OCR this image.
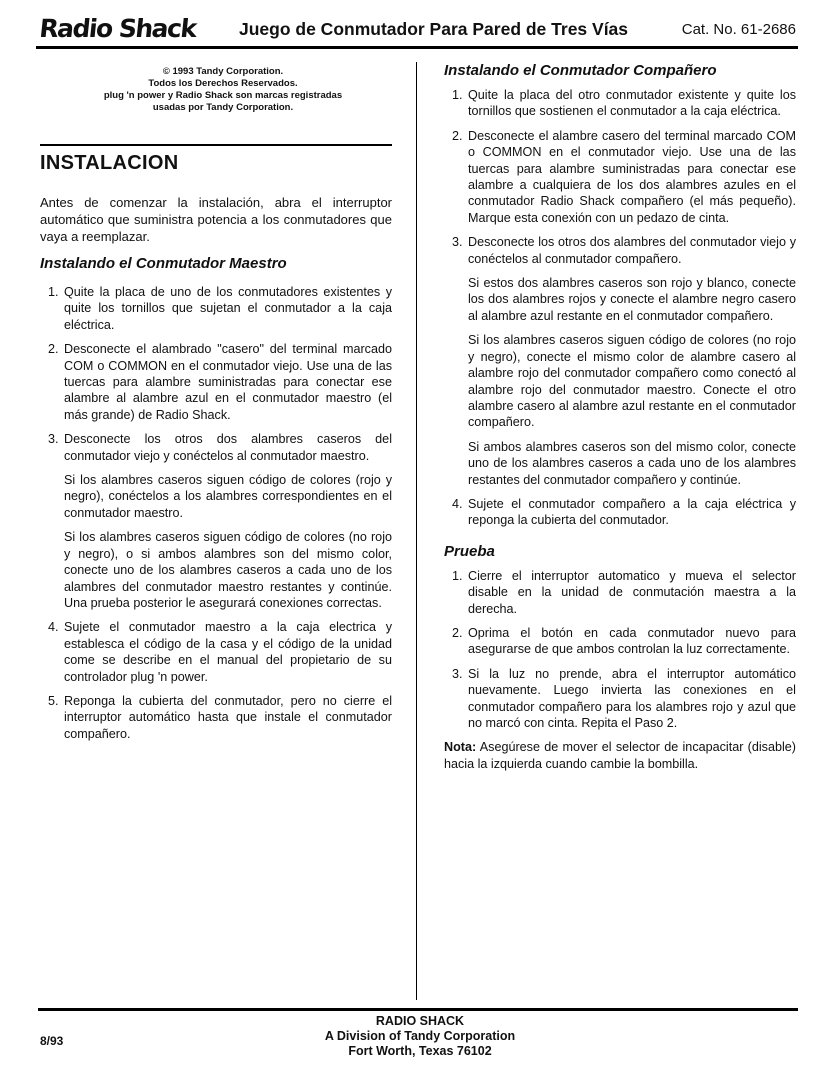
Radio Shack Juego de Conmutador Para Pared de Tres Vías	Cat. No. 61-2686
© 1993 Tandy Corporation.
Todos los Derechos Reservados.
plug 'n power y Radio Shack son marcas registradas
usadas por Tandy Corporation.
INSTALACION

Antes de comenzar la instalación, abra el interruptor automático que suministra potencia a los conmutadores que vaya a reemplazar.

Instalando el Conmutador Maestro
1. Quite la placa de uno de los conmutadores existentes y quite los tornillos que sujetan el conmutador a la caja eléctrica.

2. Desconecte el alambrado "casero" del terminal marcado COM o COMMON en el conmutador viejo. Use una de las tuercas para alambre suministradas para conectar ese alambre al alambre azul en el conmutador maestro (el más grande) de Radio Shack.

3. Desconecte los otros dos alambres caseros del conmutador viejo y conéctelos al conmutador maestro.

Si los alambres caseros siguen código de colores (rojo y negro), conéctelos a los alambres correspondientes en el conmutador maestro.

Si los alambres caseros siguen código de colores (no rojo y negro), o si ambos alambres son del mismo color, conecte uno de los alambres caseros a cada uno de los alambres del conmutador maestro restantes y continúe. Una prueba posterior le asegurará conexiones correctas.

4. Sujete el conmutador maestro a la caja electrica y establesca el código de la casa y el código de la unidad come se describe en el manual del propietario de su controlador plug 'n power.

5. Reponga la cubierta del conmutador, pero no cierre el interruptor automático hasta que instale el conmutador compañero.

Instalando el Conmutador Compañero
1. Quite la placa del otro conmutador existente y quite los tornillos que sostienen el conmutador a la caja eléctrica.

2. Desconecte el alambre casero del terminal marcado COM o COMMON en el conmutador viejo. Use una de las tuercas para alambre suministradas para conectar ese alambre a cualquiera de los dos alambres azules en el conmutador Radio Shack compañero (el más pequeño). Marque esta conexión con un pedazo de cinta.

3. Desconecte los otros dos alambres del conmutador viejo y conéctelos al conmutador compañero.

Si estos dos alambres caseros son rojo y blanco, conecte los dos alambres rojos y conecte el alambre negro casero al alambre azul restante en el conmutador compañero.

Si los alambres caseros siguen código de colores (no rojo y negro), conecte el mismo color de alambre casero al alambre rojo del conmutador compañero como conectó al alambre rojo del conmutador maestro. Conecte el otro alambre casero al alambre azul restante en el conmutador compañero.

Si ambos alambres caseros son del mismo color, conecte uno de los alambres caseros a cada uno de los alambres restantes del conmutador compañero y continúe.

4. Sujete el conmutador compañero a la caja eléctrica y reponga la cubierta del conmutador.

Prueba
1. Cierre el interruptor automatico y mueva el selector disable en la unidad de conmutación maestra a la derecha.

2. Oprima el botón en cada conmutador nuevo para asegurarse de que ambos controlan la luz correctamente.

3. Si la luz no prende, abra el interruptor automático nuevamente. Luego invierta las conexiones en el conmutador compañero para los alambres rojo y azul que no marcó con cinta. Repita el Paso 2.

Nota: Asegúrese de mover el selector de incapacitar (disable) hacia la izquierda cuando cambie la bombilla.

8/93
RADIO SHACK
A Division of Tandy Corporation
Fort Worth, Texas 76102
